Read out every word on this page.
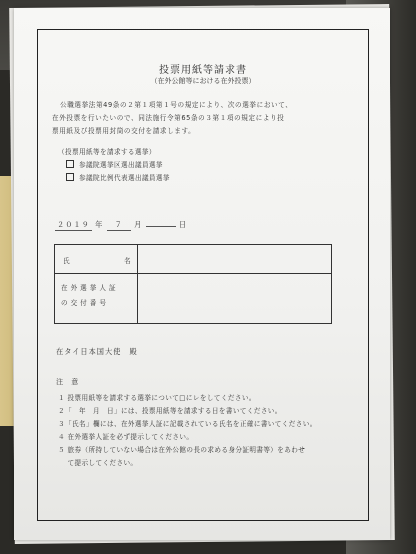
投票用紙等請求書
（在外公館等における在外投票）
公職選挙法第49条の２第１項第１号の規定により、次の選挙において、
在外投票を行いたいので、同法施行令第65条の３第１項の規定により投
票用紙及び投票用封筒の交付を請求します。
（投票用紙等を請求する選挙）
参議院選挙区選出議員選挙
参議院比例代表選出議員選挙
２０１９ 年 ７ 月	日
氏　名
在外選挙人証
の交付番号
在タイ日本国大使　殿
注 意
１ 投票用紙等を請求する選挙について□にレをしてください。
２「　年　月　日」には、投票用紙等を請求する日を書いてください。
３「氏名」欄には、在外選挙人証に記載されている氏名を正確に書いてください。
４ 在外選挙人証を必ず提示してください。
５ 旅券（所持していない場合は在外公館の長の求める身分証明書等）をあわせ
　 て提示してください。
